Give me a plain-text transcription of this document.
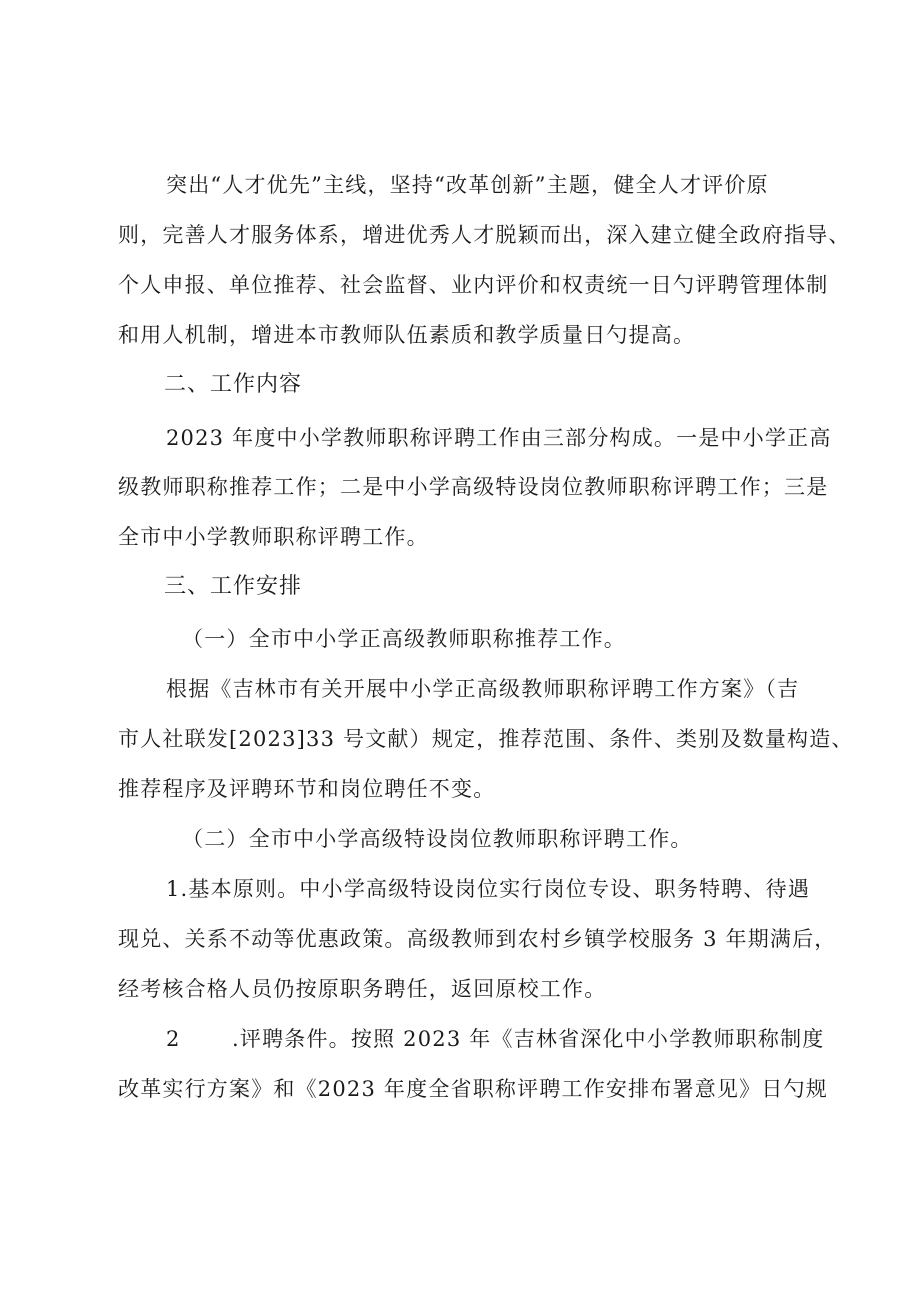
突出“人才优先”主线，坚持“改革创新”主题，健全人才评价原
则，完善人才服务体系，增进优秀人才脱颖而出，深入建立健全政府指导、
个人申报、单位推荐、社会监督、业内评价和权责统一日勺评聘管理体制
和用人机制，增进本市教师队伍素质和教学质量日勺提高。
二、工作内容
2023 年度中小学教师职称评聘工作由三部分构成。一是中小学正高
级教师职称推荐工作；二是中小学高级特设岗位教师职称评聘工作；三是
全市中小学教师职称评聘工作。
三、工作安排
（一）全市中小学正高级教师职称推荐工作。
根据《吉林市有关开展中小学正高级教师职称评聘工作方案》（吉
市人社联发[2023]33 号文献）规定，推荐范围、条件、类别及数量构造、
推荐程序及评聘环节和岗位聘任不变。
（二）全市中小学高级特设岗位教师职称评聘工作。
1.基本原则。中小学高级特设岗位实行岗位专设、职务特聘、待遇
现兑、关系不动等优惠政策。高级教师到农村乡镇学校服务 3 年期满后，
经考核合格人员仍按原职务聘任，返回原校工作。
2 .评聘条件。按照 2023 年《吉林省深化中小学教师职称制度
改革实行方案》和《2023 年度全省职称评聘工作安排布署意见》日勺规
